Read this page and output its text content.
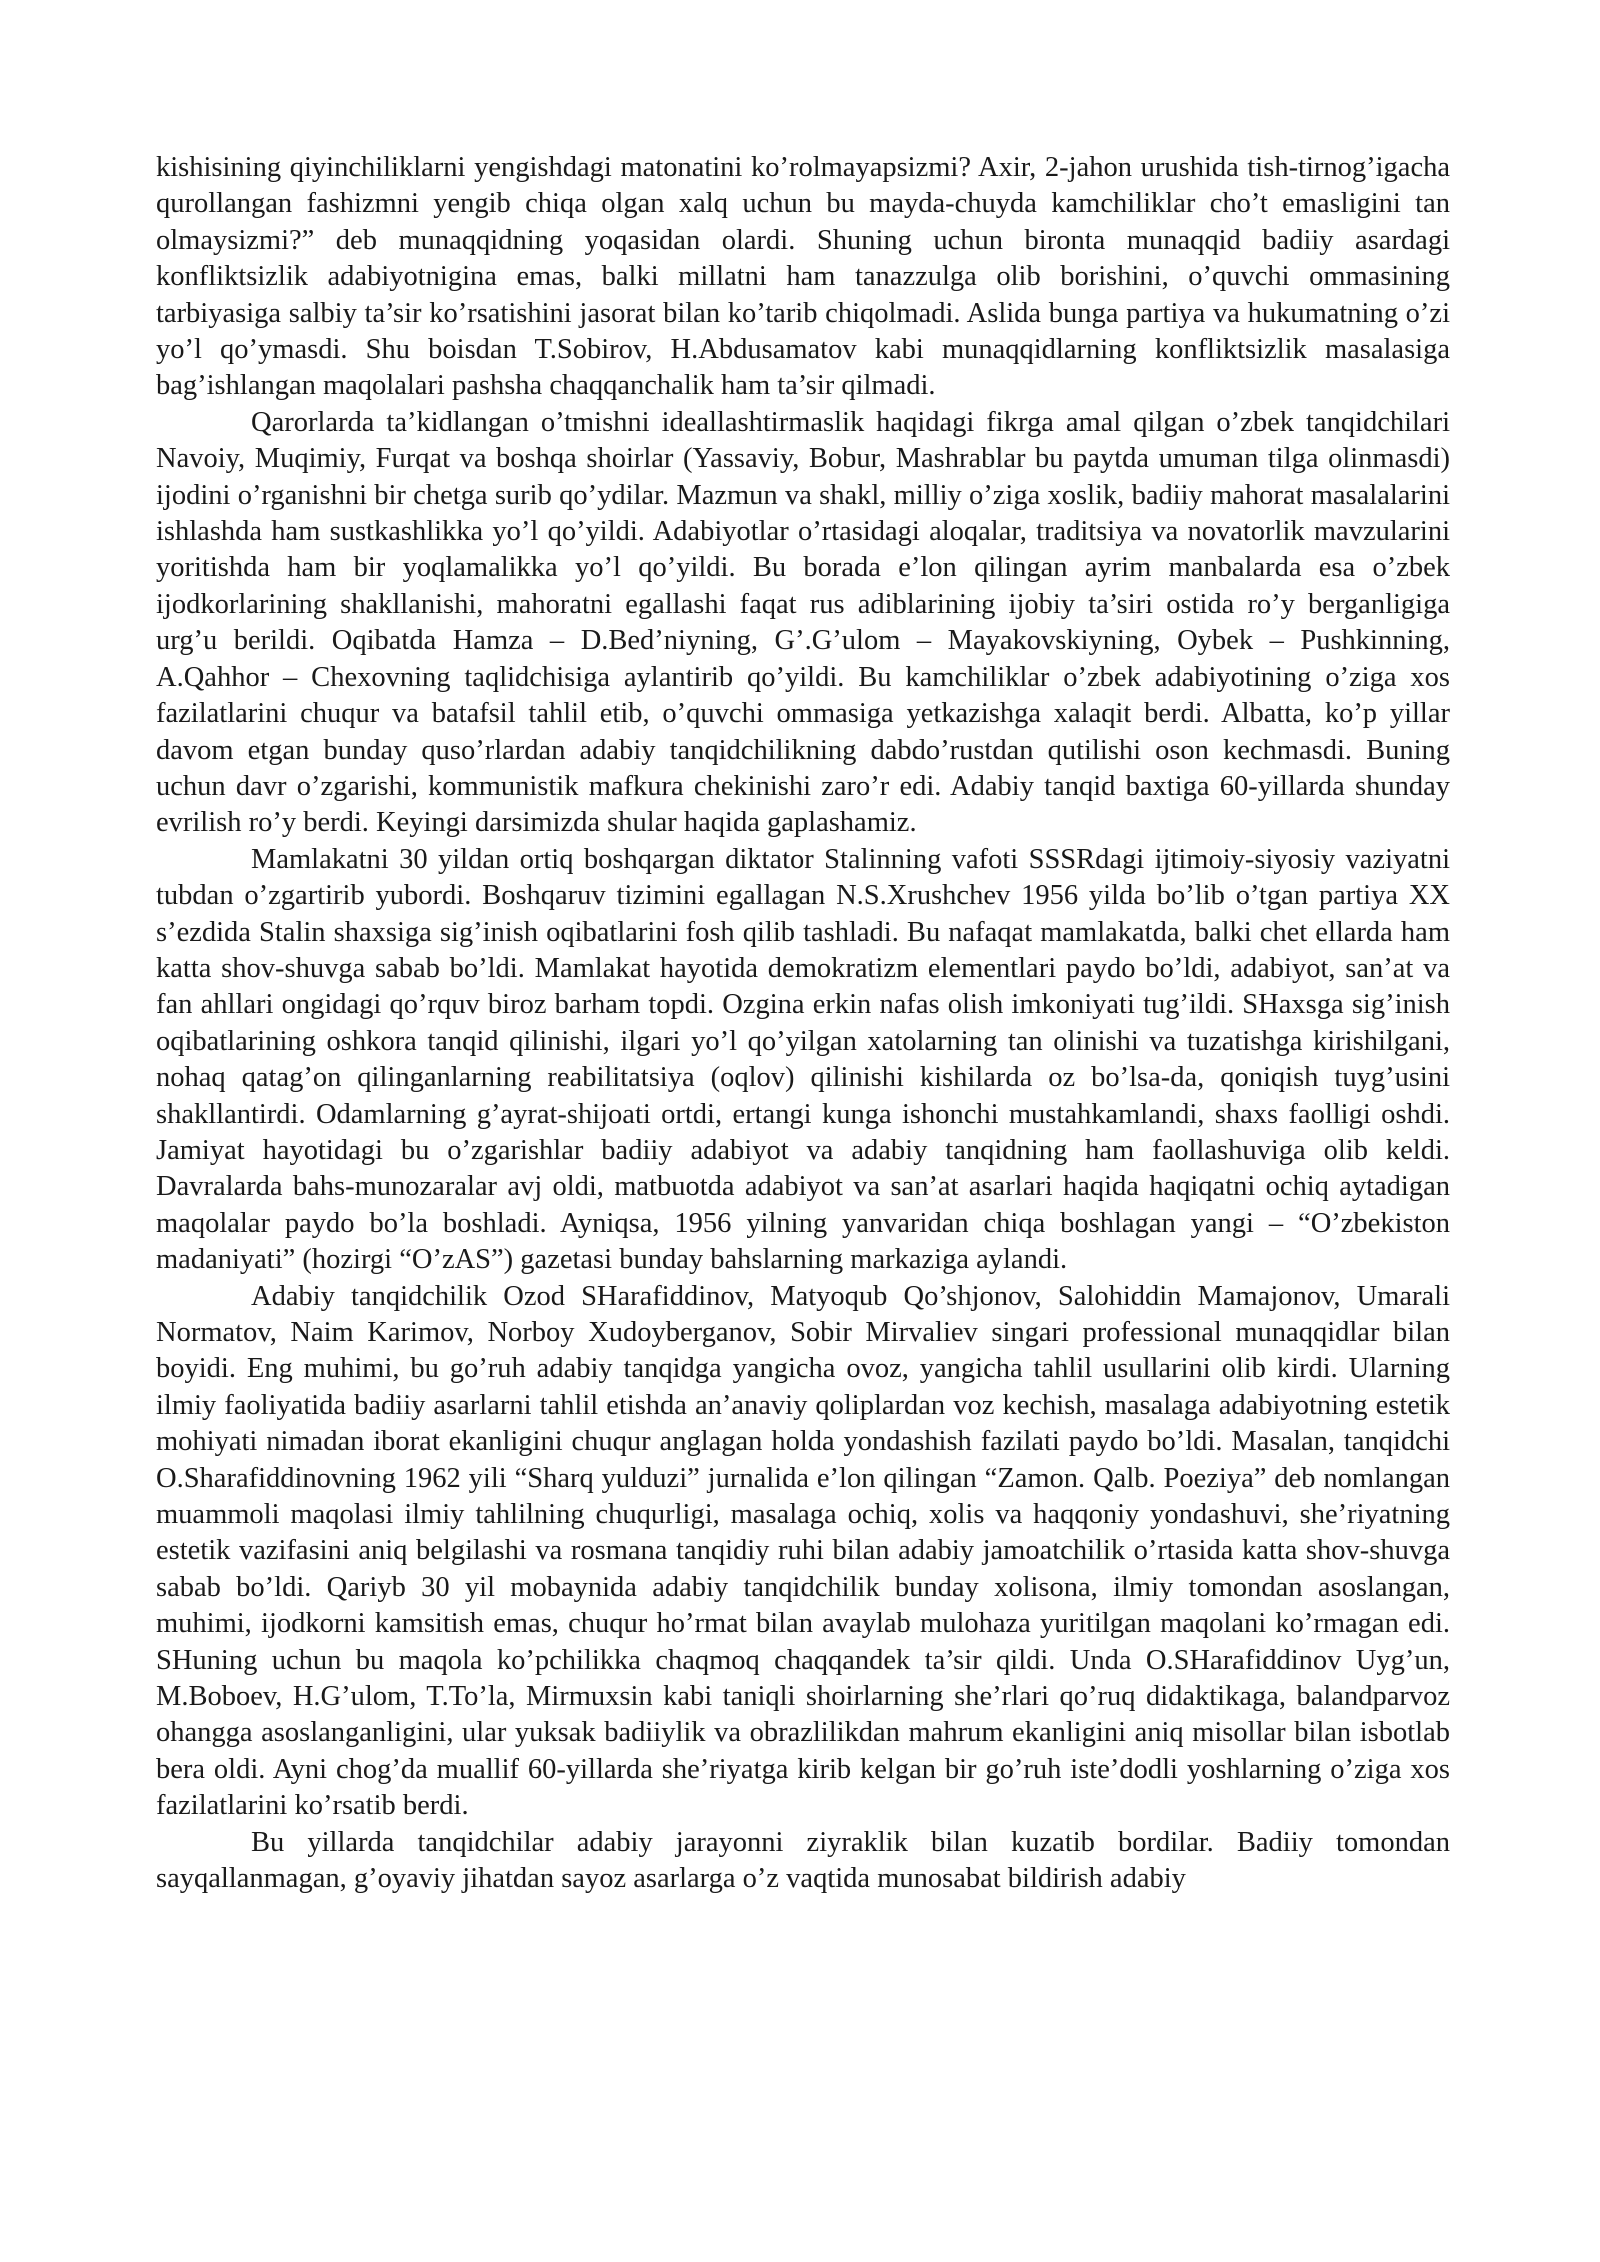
kishisining qiyinchiliklarni yengishdagi matonatini ko’rolmayapsizmi? Axir, 2-jahon urushida tish-tirnog’igacha qurollangan fashizmni yengib chiqa olgan xalq uchun bu mayda-chuyda kamchiliklar cho’t emasligini tan olmaysizmi?” deb munaqqidning yoqasidan olardi. Shuning uchun bironta munaqqid badiiy asardagi konfliktsizlik adabiyotnigina emas, balki millatni ham tanazzulga olib borishini, o’quvchi ommasining tarbiyasiga salbiy ta’sir ko’rsatishini jasorat bilan ko’tarib chiqolmadi. Aslida bunga partiya va hukumatning o’zi yo’l qo’ymasdi. Shu boisdan T.Sobirov, H.Abdusamatov kabi munaqqidlarning konfliktsizlik masalasiga bag’ishlangan maqolalari pashsha chaqqanchalik ham ta’sir qilmadi.

Qarorlarda ta’kidlangan o’tmishni ideallashtirmaslik haqidagi fikrga amal qilgan o’zbek tanqidchilari Navoiy, Muqimiy, Furqat va boshqa shoirlar (Yassaviy, Bobur, Mashrablar bu paytda umuman tilga olinmasdi) ijodini o’rganishni bir chetga surib qo’ydilar. Mazmun va shakl, milliy o’ziga xoslik, badiiy mahorat masalalarini ishlashda ham sustkashlikka yo’l qo’yildi. Adabiyotlar o’rtasidagi aloqalar, traditsiya va novatorlik mavzularini yoritishda ham bir yoqlamalikka yo’l qo’yildi. Bu borada e’lon qilingan ayrim manbalarda esa o’zbek ijodkorlarining shakllanishi, mahoratni egallashi faqat rus adiblarining ijobiy ta’siri ostida ro’y berganligiga urg’u berildi. Oqibatda Hamza – D.Bed’niyning, G’.G’ulom – Mayakovskiyning, Oybek – Pushkinning, A.Qahhor – Chexovning taqlidchisiga aylantirib qo’yildi. Bu kamchiliklar o’zbek adabiyotining o’ziga xos fazilatlarini chuqur va batafsil tahlil etib, o’quvchi ommasiga yetkazishga xalaqit berdi. Albatta, ko’p yillar davom etgan bunday quso’rlardan adabiy tanqidchilikning dabdo’rustdan qutilishi oson kechmasdi. Buning uchun davr o’zgarishi, kommunistik mafkura chekinishi zaro’r edi. Adabiy tanqid baxtiga 60-yillarda shunday evrilish ro’y berdi. Keyingi darsimizda shular haqida gaplashamiz.

Mamlakatni 30 yildan ortiq boshqargan diktator Stalinning vafoti SSSRdagi ijtimoiy-siyosiy vaziyatni tubdan o’zgartirib yubordi. Boshqaruv tizimini egallagan N.S.Xrushchev 1956 yilda bo’lib o’tgan partiya XX s’ezdida Stalin shaxsiga sig’inish oqibatlarini fosh qilib tashladi. Bu nafaqat mamlakatda, balki chet ellarda ham katta shov-shuvga sabab bo’ldi. Mamlakat hayotida demokratizm elementlari paydo bo’ldi, adabiyot, san’at va fan ahllari ongidagi qo’rquv biroz barham topdi. Ozgina erkin nafas olish imkoniyati tug’ildi. SHaxsga sig’inish oqibatlarining oshkora tanqid qilinishi, ilgari yo’l qo’yilgan xatolarning tan olinishi va tuzatishga kirishilgani, nohaq qatag’on qilinganlarning reabilitatsiya (oqlov) qilinishi kishilarda oz bo’lsa-da, qoniqish tuyg’usini shakllantirdi. Odamlarning g’ayrat-shijoati ortdi, ertangi kunga ishonchi mustahkamlandi, shaxs faolligi oshdi. Jamiyat hayotidagi bu o’zgarishlar badiiy adabiyot va adabiy tanqidning ham faollashuviga olib keldi. Davralarda bahs-munozaralar avj oldi, matbuotda adabiyot va san’at asarlari haqida haqiqatni ochiq aytadigan maqolalar paydo bo’la boshladi. Ayniqsa, 1956 yilning yanvaridan chiqa boshlagan yangi – “O’zbekiston madaniyati” (hozirgi “O’zAS”) gazetasi bunday bahslarning markaziga aylandi.

Adabiy tanqidchilik Ozod SHarafiddinov, Matyoqub Qo’shjonov, Salohiddin Mamajonov, Umarali Normatov, Naim Karimov, Norboy Xudoyberganov, Sobir Mirvaliev singari professional munaqqidlar bilan boyidi. Eng muhimi, bu go’ruh adabiy tanqidga yangicha ovoz, yangicha tahlil usullarini olib kirdi. Ularning ilmiy faoliyatida badiiy asarlarni tahlil etishda an’anaviy qoliplardan voz kechish, masalaga adabiyotning estetik mohiyati nimadan iborat ekanligini chuqur anglagan holda yondashish fazilati paydo bo’ldi. Masalan, tanqidchi O.Sharafiddinovning 1962 yili “Sharq yulduzi” jurnalida e’lon qilingan “Zamon. Qalb. Poeziya” deb nomlangan muammoli maqolasi ilmiy tahlilning chuqurligi, masalaga ochiq, xolis va haqqoniy yondashuvi, she’riyatning estetik vazifasini aniq belgilashi va rosmana tanqidiy ruhi bilan adabiy jamoatchilik o’rtasida katta shov-shuvga sabab bo’ldi. Qariyb 30 yil mobaynida adabiy tanqidchilik bunday xolisona, ilmiy tomondan asoslangan, muhimi, ijodkorni kamsitish emas, chuqur ho’rmat bilan avaylab mulohaza yuritilgan maqolani ko’rmagan edi. SHuning uchun bu maqola ko’pchilikka chaqmoq chaqqandek ta’sir qildi. Unda O.SHarafiddinov Uyg’un, M.Boboev, H.G’ulom, T.To’la, Mirmuxsin kabi taniqli shoirlarning she’rlari qo’ruq didaktikaga, balandparvoz ohangga asoslanganligini, ular yuksak badiiylik va obrazlilikdan mahrum ekanligini aniq misollar bilan isbotlab bera oldi. Ayni chog’da muallif 60-yillarda she’riyatga kirib kelgan bir go’ruh iste’dodli yoshlarning o’ziga xos fazilatlarini ko’rsatib berdi.

Bu yillarda tanqidchilar adabiy jarayonni ziyraklik bilan kuzatib bordilar. Badiiy tomondan sayqallanmagan, g’oyaviy jihatdan sayoz asarlarga o’z vaqtida munosabat bildirish adabiy
